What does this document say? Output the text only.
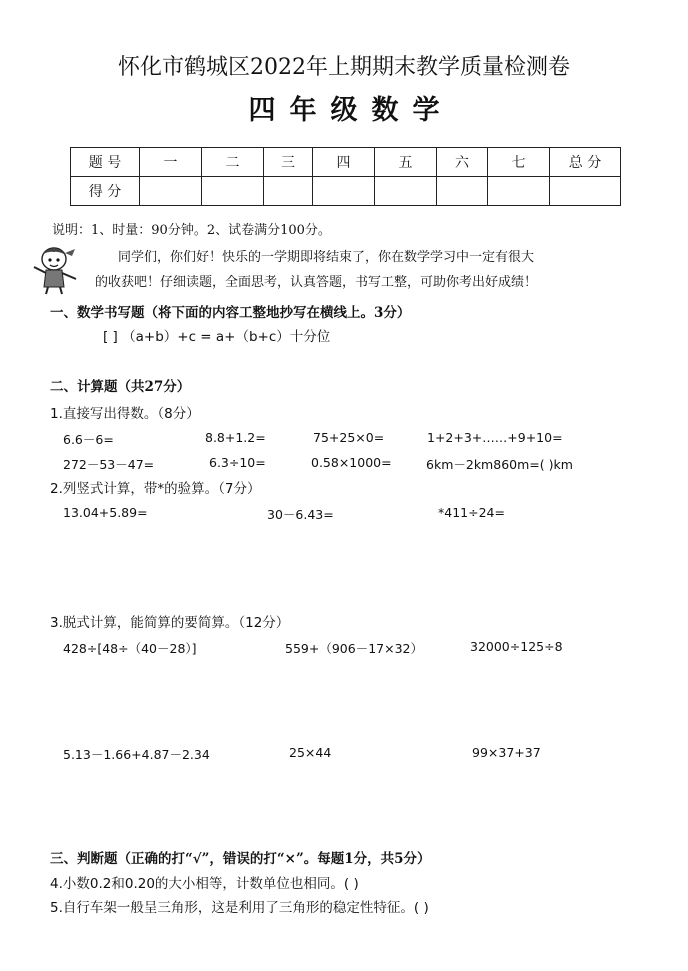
怀化市鹤城区2022年上期期末教学质量检测卷
四年级数学
题 号	一	二	三	四	五	六	七	总 分
得 分								
说明：1、时量：90分钟。2、试卷满分100分。
同学们，你们好！快乐的一学期即将结束了，你在数学学习中一定有很大
的收获吧！仔细读题，全面思考，认真答题，书写工整，可助你考出好成绩！
一、数学书写题（将下面的内容工整地抄写在横线上。3分）
[ ] （a+b）+c = a+（b+c）十分位
二、计算题（共27分）
1.直接写出得数。（8分）
6.6－6=	8.8+1.2=	75+25×0=	1+2+3+……+9+10=
272－53－47=	6.3÷10=	0.58×1000=	6km－2km860m=( )km
2.列竖式计算，带*的验算。（7分）
13.04+5.89=	30－6.43=	*411÷24=
3.脱式计算，能简算的要简算。（12分）
428÷[48÷（40－28）]	559+（906－17×32）	32000÷125÷8
5.13－1.66+4.87－2.34	25×44	99×37+37
三、判断题（正确的打“√”，错误的打“×”。每题1分，共5分）
4.小数0.2和0.20的大小相等，计数单位也相同。( )
5.自行车架一般呈三角形，这是利用了三角形的稳定性特征。( )
